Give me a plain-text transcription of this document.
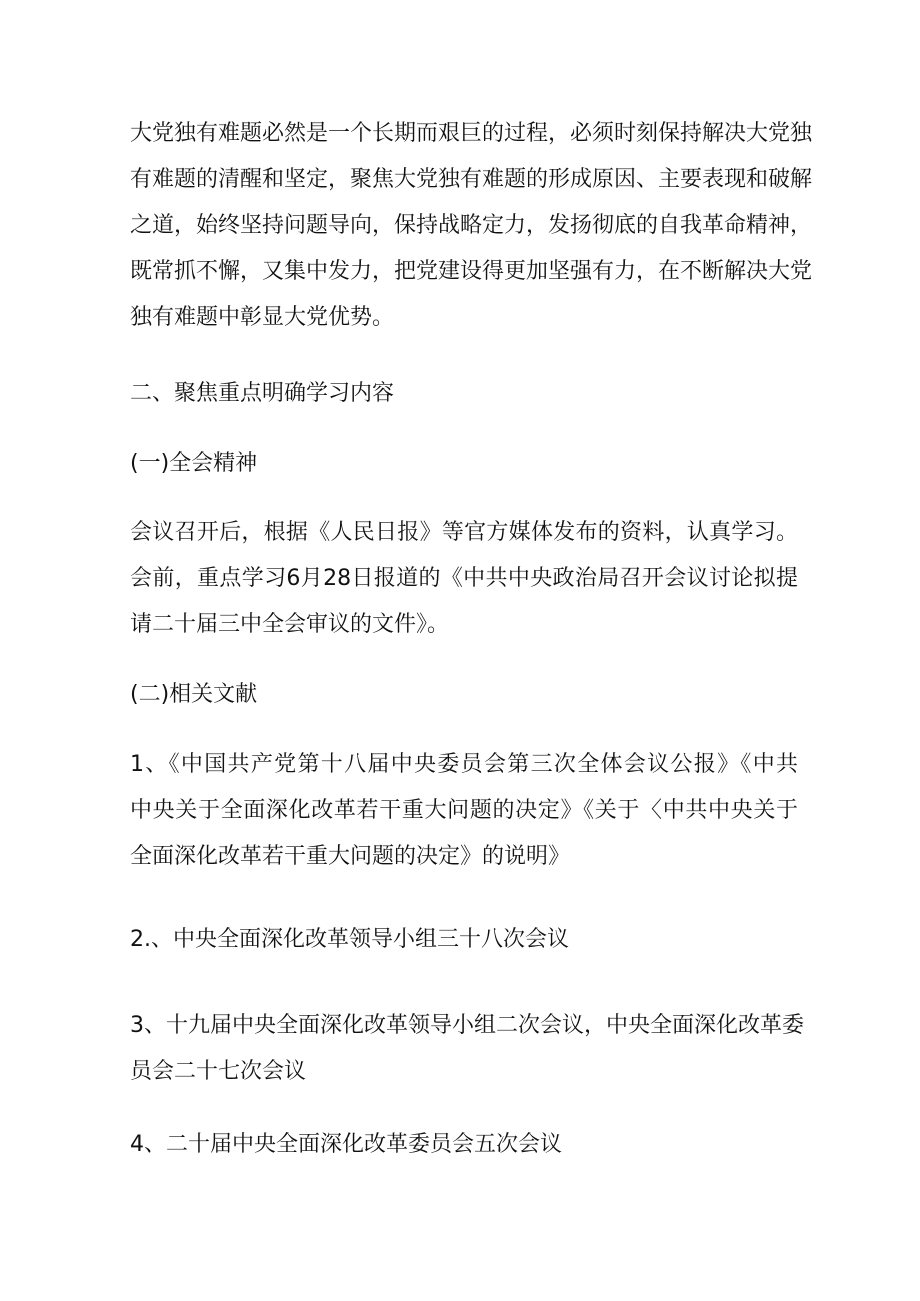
大党独有难题必然是一个长期而艰巨的过程，必须时刻保持解决大党独
有难题的清醒和坚定，聚焦大党独有难题的形成原因、主要表现和破解
之道，始终坚持问题导向，保持战略定力，发扬彻底的自我革命精神，
既常抓不懈，又集中发力，把党建设得更加坚强有力，在不断解决大党
独有难题中彰显大党优势。
二、聚焦重点明确学习内容
(一)全会精神
会议召开后，根据《人民日报》等官方媒体发布的资料，认真学习。
会前，重点学习6月28日报道的《中共中央政治局召开会议讨论拟提
请二十届三中全会审议的文件》。
(二)相关文献
1、《中国共产党第十八届中央委员会第三次全体会议公报》《中共
中央关于全面深化改革若干重大问题的决定》《关于〈中共中央关于
全面深化改革若干重大问题的决定》的说明》
2.、中央全面深化改革领导小组三十八次会议
3、十九届中央全面深化改革领导小组二次会议，中央全面深化改革委
员会二十七次会议
4、二十届中央全面深化改革委员会五次会议
